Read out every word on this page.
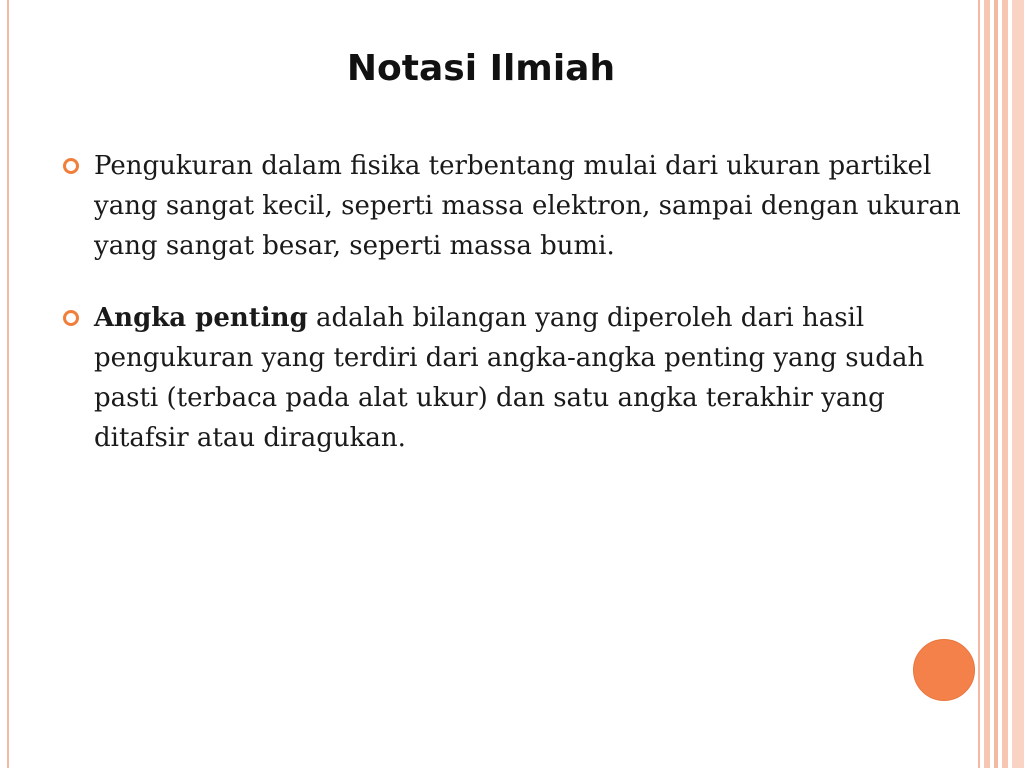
Notasi Ilmiah
Pengukuran dalam fisika terbentang mulai dari ukuran partikel yang sangat kecil, seperti massa elektron, sampai dengan ukuran yang sangat besar, seperti massa bumi.
Angka penting adalah bilangan yang diperoleh dari hasil pengukuran yang terdiri dari angka-angka penting yang sudah pasti (terbaca pada alat ukur) dan satu angka terakhir yang ditafsir atau diragukan.
